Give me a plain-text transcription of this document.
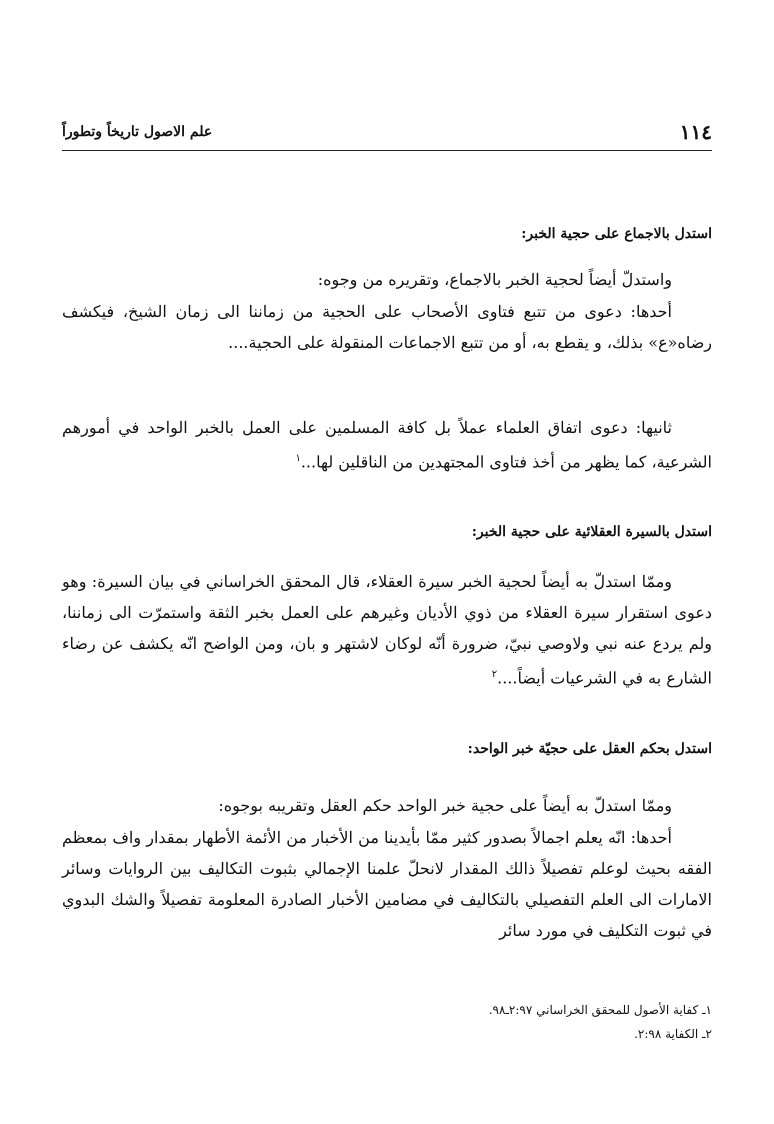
١١٤
علم الاصول تاريخاً وتطوراً
استدل بالاجماع على حجية الخبر:

واستدلّ أيضاً لحجية الخبر بالاجماع، وتقريره من وجوه:

أحدها: دعوى من تتبع فتاوى الأصحاب على الحجية من زماننا الى زمان الشيخ، فيكشف رضاه«ع» بذلك، و يقطع به، أو من تتبع الاجماعات المنقولة على الحجية....

ثانيها: دعوى اتفاق العلماء عملاً بل كافة المسلمين على العمل بالخبر الواحد في أمورهم الشرعية، كما يظهر من أخذ فتاوى المجتهدين من الناقلين لها...$^١$

استدل بالسيرة العقلائية على حجية الخبر:

وممّا استدلّ به أيضاً لحجية الخبر سيرة العقلاء، قال المحقق الخراساني في بيان السيرة: وهو دعوى استقرار سيرة العقلاء من ذوي الأديان وغيرهم على العمل بخبر الثقة واستمرّت الى زماننا، ولم يردع عنه نبي ولاوصي نبيّ، ضرورة أنّه لوكان لاشتهر و بان، ومن الواضح انّه يكشف عن رضاء الشارع به في الشرعيات أيضاً....$^٢$

استدل بحكم العقل على حجيّة خبر الواحد:

وممّا استدلّ به أيضاً على حجية خبر الواحد حكم العقل وتقريبه بوجوه:

أحدها: انّه يعلم اجمالاً بصدور كثير ممّا بأيدينا من الأخبار من الأئمة الأطهار بمقدار واف بمعظم الفقه بحيث لوعلم تفصيلاً ذالك المقدار لانحلّ علمنا الإجمالي بثبوت التكاليف بين الروايات وسائر الامارات الى العلم التفصيلي بالتكاليف في مضامين الأخبار الصادرة المعلومة تفصيلاً والشك البدوي في ثبوت التكليف في مورد سائر

١ـ كفاية الأصول للمحقق الخراساني ٢:٩٧ـ٩٨.
٢ـ الكفاية ٢:٩٨.
